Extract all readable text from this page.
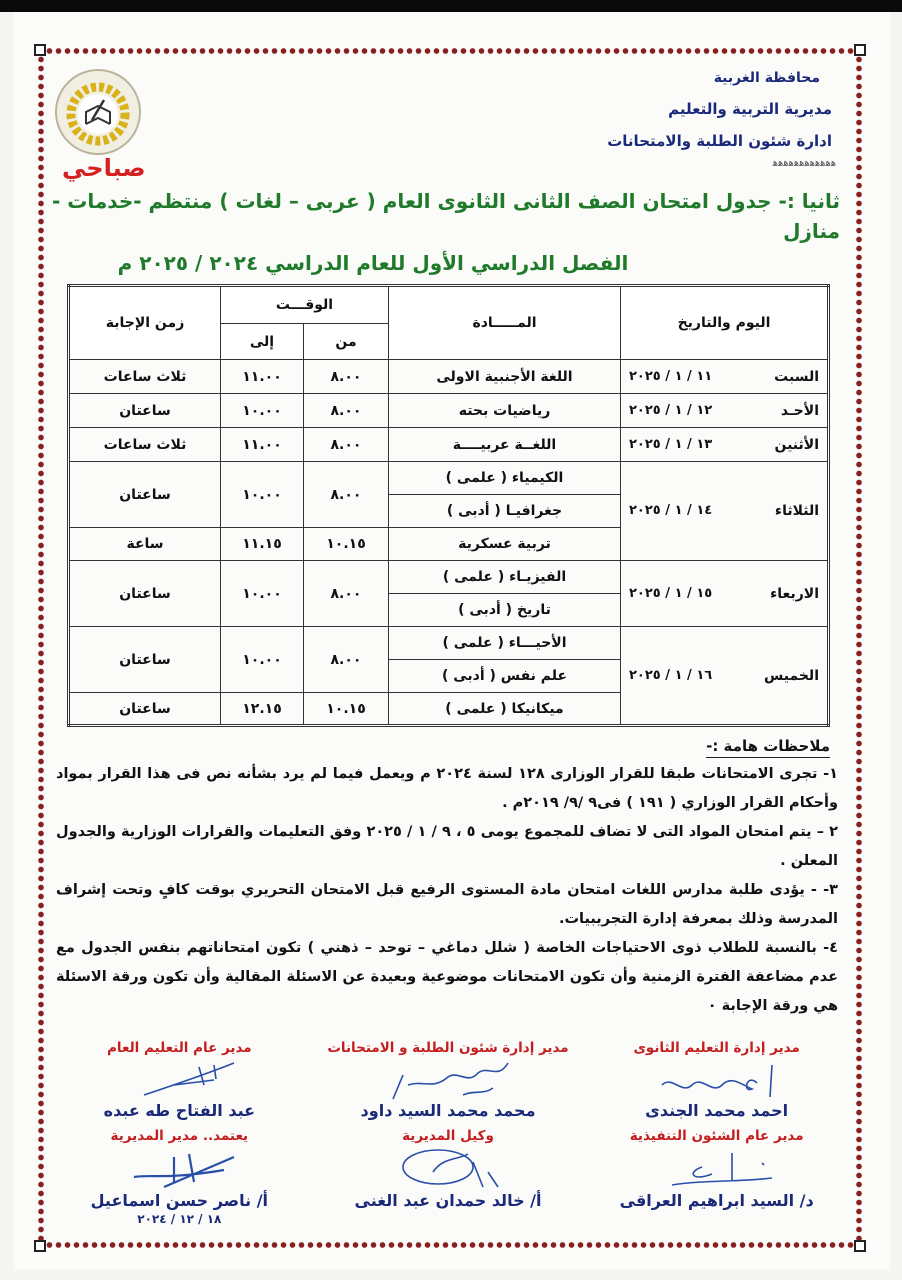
محافظة الغربية
مديرية التربية والتعليم
ادارة شئون الطلبة والامتحانات
ﻫ‍ﻫ‍ﻫ‍ﻫ‍ﻫ‍ﻫ‍ﻫ‍ﻫ‍ﻫ‍ﻫ‍ﻫ‍ﻫ‍
صباحي
ثانيا :- جدول امتحان الصف الثانى الثانوى العام ( عربى – لغات ) منتظم -خدمات - منازل
الفصل الدراسي الأول للعام الدراسي ٢٠٢٤ / ٢٠٢٥ م
اليوم والتاريخ	المـــــادة	الوقـــت		زمن الإجابة
		من	إلى	

السبت
١١ / ١ / ٢٠٢٥	اللغة الأجنبية الاولى	٨.٠٠	١١.٠٠	ثلاث ساعات

الأحـد
١٢ / ١ / ٢٠٢٥	رياضيات بحته	٨.٠٠	١٠.٠٠	ساعتان

الأثنين
١٣ / ١ / ٢٠٢٥	اللغــة عربيــــة	٨.٠٠	١١.٠٠	ثلاث ساعات

الثلاثاء
١٤ / ١ / ٢٠٢٥	الكيمياء ( علمى )	٨.٠٠	١٠.٠٠	ساعتان
	جغرافيـا ( أدبى )			
	تربية عسكرية	١٠.١٥	١١.١٥	ساعة

الاربعاء
١٥ / ١ / ٢٠٢٥	الفيزيـاء ( علمى )	٨.٠٠	١٠.٠٠	ساعتان
	تاريخ ( أدبى )			

الخميس
١٦ / ١ / ٢٠٢٥	الأحيـــاء ( علمى )	٨.٠٠	١٠.٠٠	ساعتان
	علم نفس ( أدبى )			
	ميكانيكا ( علمى )	١٠.١٥	١٢.١٥	ساعتان
ملاحظات هامة :-
١- تجرى الامتحانات طبقا للقرار الوزارى ١٢٨ لسنة ٢٠٢٤ م ويعمل فيما لم يرد بشأنه نص فى هذا القرار بمواد وأحكام القرار الوزاري ( ١٩١ ) فى٩ /٩/ ٢٠١٩م .
٢ – يتم امتحان المواد التى لا تضاف للمجموع يومى ٥ ، ٩ / ١ / ٢٠٢٥ وفق التعليمات والقرارات الوزارية والجدول المعلن .
٣- - يؤدى طلبة مدارس اللغات امتحان مادة المستوى الرفيع قبل الامتحان التحريري بوقت كافٍ وتحت إشراف المدرسة وذلك بمعرفة إدارة التجريبيات.
٤- بالنسبة للطلاب ذوى الاحتياجات الخاصة ( شلل دماغي – توحد – ذهني ) تكون امتحاناتهم بنفس الجدول مع عدم مضاعفة الفترة الزمنية وأن تكون الامتحانات موضوعية وبعيدة عن الاسئلة المقالية وأن تكون ورقة الاسئلة هي ورقة الإجابة ٠
مدير إدارة التعليم الثانوى
احمد محمد الجندى
مدير إدارة شئون الطلبة و الامتحانات
محمد محمد السيد داود
مدير عام التعليم العام
عبد الفتاح طه عبده
مدير عام الشئون التنفيذية
د/ السيد ابراهيم العراقى
وكيل المديرية
أ/ خالد حمدان عبد الغنى
يعتمد.. مدير المديرية
أ/ ناصر حسن اسماعيل
١٨ / ١٢ / ٢٠٢٤
